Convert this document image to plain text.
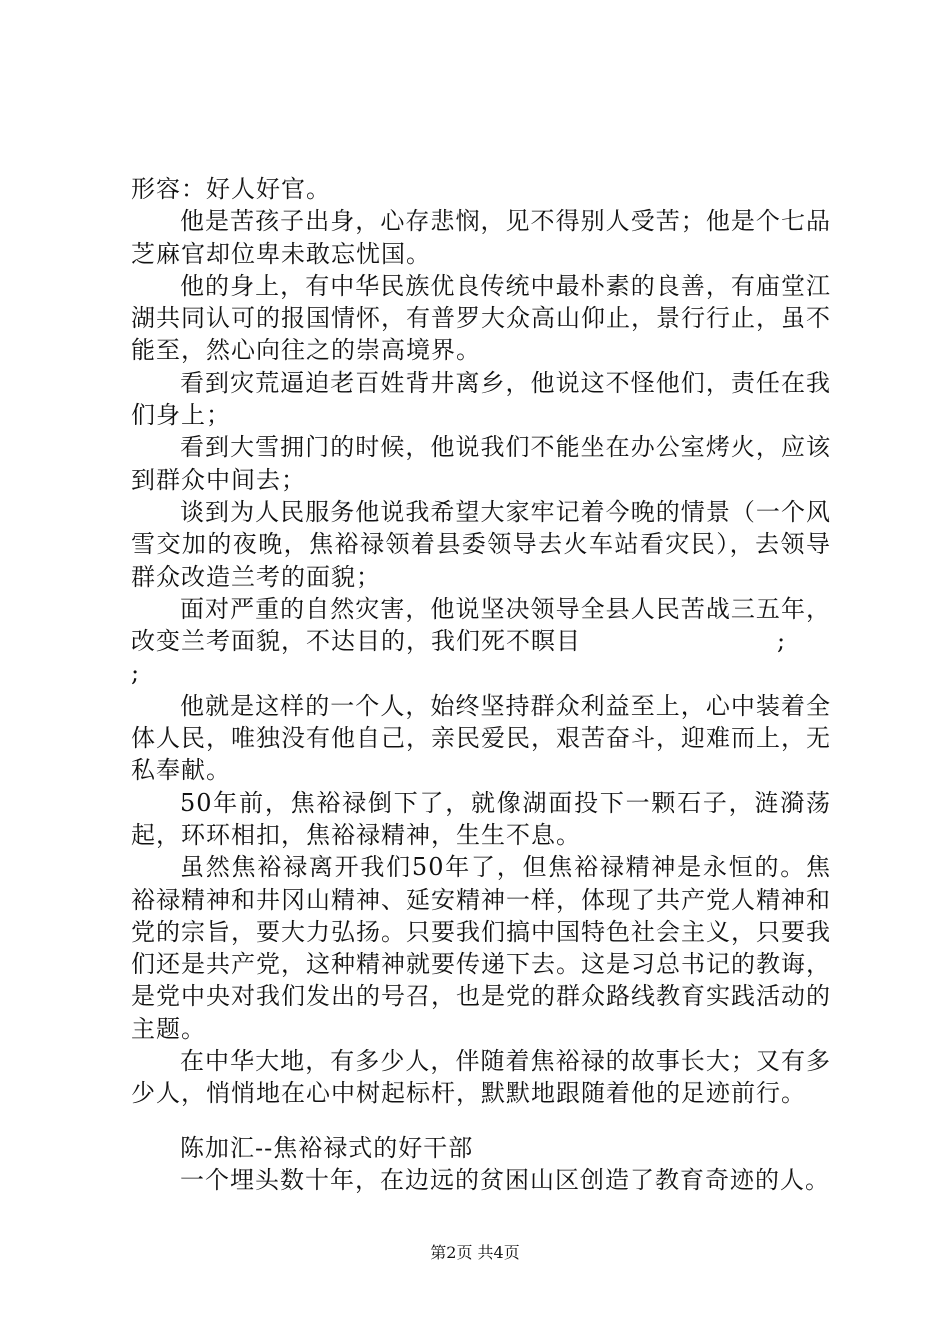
形容：好人好官。

他是苦孩子出身，心存悲悯，见不得别人受苦；他是个七品芝麻官却位卑未敢忘忧国。

他的身上，有中华民族优良传统中最朴素的良善，有庙堂江湖共同认可的报国情怀，有普罗大众高山仰止，景行行止，虽不能至，然心向往之的崇高境界。

看到灾荒逼迫老百姓背井离乡，他说这不怪他们，责任在我们身上；

看到大雪拥门的时候，他说我们不能坐在办公室烤火，应该到群众中间去；

谈到为人民服务他说我希望大家牢记着今晚的情景（一个风雪交加的夜晚，焦裕禄领着县委领导去火车站看灾民），去领导群众改造兰考的面貌；

面对严重的自然灾害，他说坚决领导全县人民苦战三五年，改变兰考面貌，不达目的，我们死不瞑目	;

;

他就是这样的一个人，始终坚持群众利益至上，心中装着全体人民，唯独没有他自己，亲民爱民，艰苦奋斗，迎难而上，无私奉献。

50年前，焦裕禄倒下了，就像湖面投下一颗石子，涟漪荡起，环环相扣，焦裕禄精神，生生不息。

虽然焦裕禄离开我们50年了，但焦裕禄精神是永恒的。焦裕禄精神和井冈山精神、延安精神一样，体现了共产党人精神和党的宗旨，要大力弘扬。只要我们搞中国特色社会主义，只要我们还是共产党，这种精神就要传递下去。这是习总书记的教诲，是党中央对我们发出的号召，也是党的群众路线教育实践活动的主题。

在中华大地，有多少人，伴随着焦裕禄的故事长大；又有多少人，悄悄地在心中树起标杆，默默地跟随着他的足迹前行。

陈加汇--焦裕禄式的好干部

一个埋头数十年，在边远的贫困山区创造了教育奇迹的人。

第2页 共4页
